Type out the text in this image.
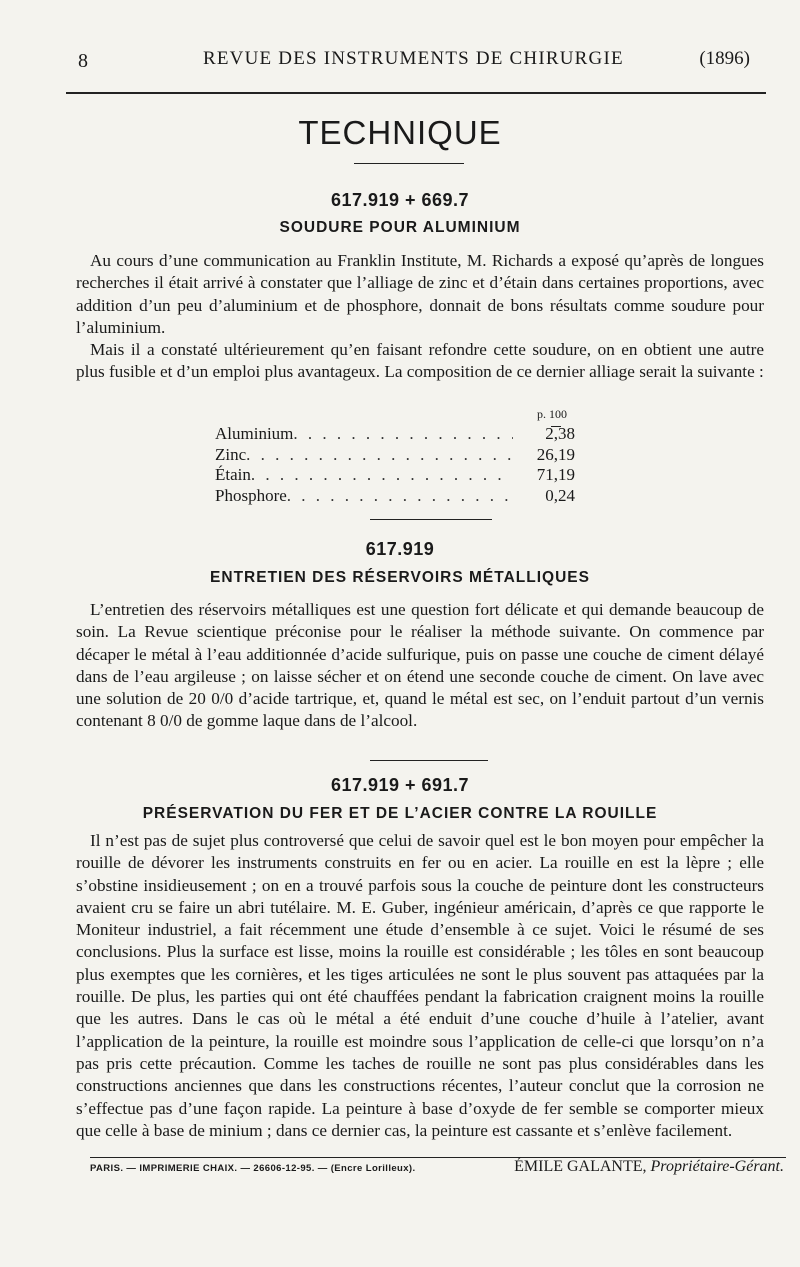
8	REVUE DES INSTRUMENTS DE CHIRURGIE	(1896)
TECHNIQUE
617.919 + 669.7
SOUDURE POUR ALUMINIUM

Au cours d’une communication au Franklin Institute, M. Richards a exposé qu’après de longues recherches il était arrivé à constater que l’alliage de zinc et d’étain dans certaines proportions, avec addition d’un peu d’aluminium et de phosphore, donnait de bons résultats comme soudure pour l’aluminium.

Mais il a constaté ultérieurement qu’en faisant refondre cette soudure, on en obtient une autre plus fusible et d’un emploi plus avantageux. La composition de ce dernier alliage serait la suivante :

p. 100
Aluminium . . .	2,38
Zinc . . .	26,19
Étain . . .	71,19
Phosphore . . .	0,24
617.919
ENTRETIEN DES RÉSERVOIRS MÉTALLIQUES

L’entretien des réservoirs métalliques est une question fort délicate et qui demande beaucoup de soin. La Revue scientique préconise pour le réaliser la méthode suivante. On commence par décaper le métal à l’eau additionnée d’acide sulfurique, puis on passe une couche de ciment délayé dans de l’eau argileuse ; on laisse sécher et on étend une seconde couche de ciment. On lave avec une solution de 20 0/0 d’acide tartrique, et, quand le métal est sec, on l’enduit partout d’un vernis contenant 8 0/0 de gomme laque dans de l’alcool.

617.919 + 691.7
PRÉSERVATION DU FER ET DE L’ACIER CONTRE LA ROUILLE

Il n’est pas de sujet plus controversé que celui de savoir quel est le bon moyen pour empêcher la rouille de dévorer les instruments construits en fer ou en acier. La rouille en est la lèpre ; elle s’obstine insidieusement ; on en a trouvé parfois sous la couche de peinture dont les constructeurs avaient cru se faire un abri tutélaire. M. E. Guber, ingénieur américain, d’après ce que rapporte le Moniteur industriel, a fait récemment une étude d’ensemble à ce sujet. Voici le résumé de ses conclusions. Plus la surface est lisse, moins la rouille est considérable ; les tôles en sont beaucoup plus exemptes que les cornières, et les tiges articulées ne sont le plus souvent pas attaquées par la rouille. De plus, les parties qui ont été chauffées pendant la fabrication craignent moins la rouille que les autres. Dans le cas où le métal a été enduit d’une couche d’huile à l’atelier, avant l’application de la peinture, la rouille est moindre sous l’application de celle-ci que lorsqu’on n’a pas pris cette précaution. Comme les taches de rouille ne sont pas plus considérables dans les constructions anciennes que dans les constructions récentes, l’auteur conclut que la corrosion ne s’effectue pas d’une façon rapide. La peinture à base d’oxyde de fer semble se comporter mieux que celle à base de minium ; dans ce dernier cas, la peinture est cassante et s’enlève facilement.

PARIS. — IMPRIMERIE CHAIX. — 26606-12-95. — (Encre Lorilleux).	ÉMILE GALANTE, Propriétaire-Gérant.
